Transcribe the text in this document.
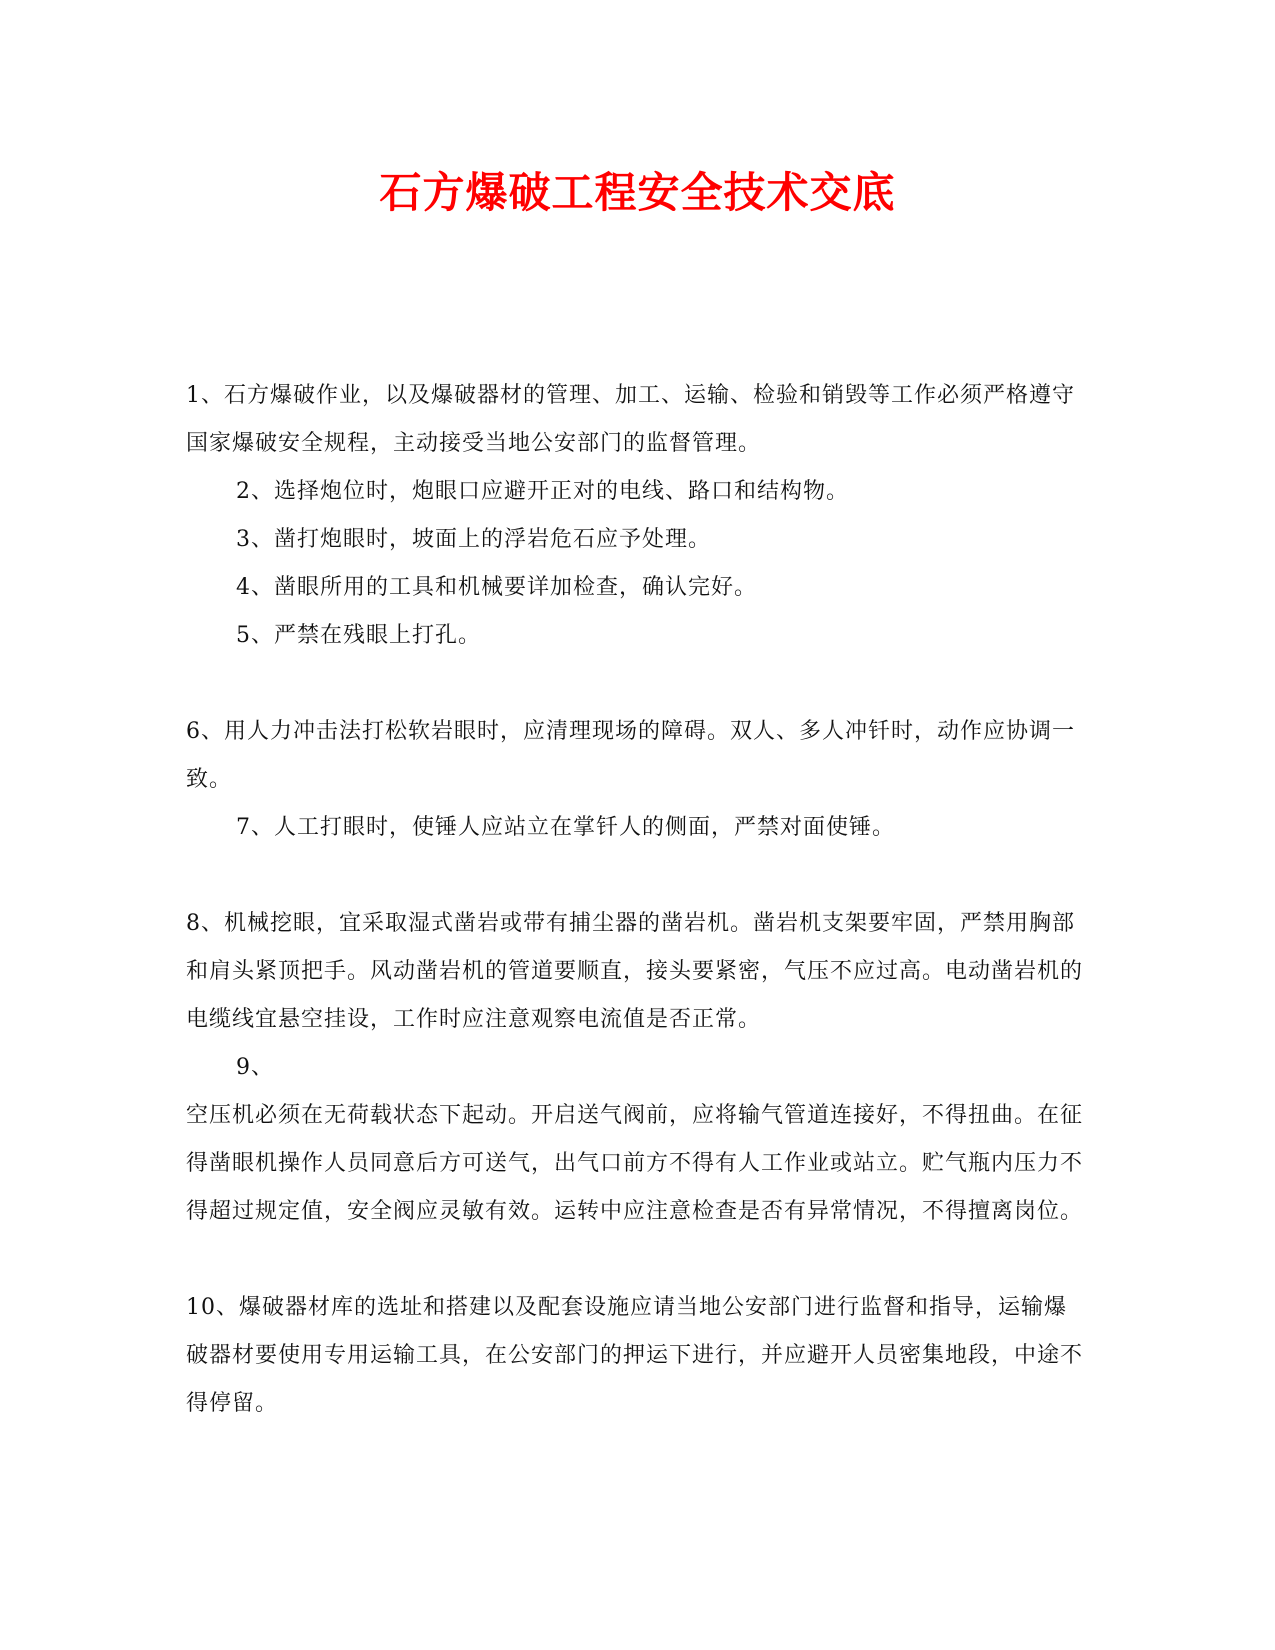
石方爆破工程安全技术交底

1、石方爆破作业，以及爆破器材的管理、加工、运输、检验和销毁等工作必须严格遵守国家爆破安全规程，主动接受当地公安部门的监督管理。

2、选择炮位时，炮眼口应避开正对的电线、路口和结构物。

3、凿打炮眼时，坡面上的浮岩危石应予处理。

4、凿眼所用的工具和机械要详加检查，确认完好。

5、严禁在残眼上打孔。

6、用人力冲击法打松软岩眼时，应清理现场的障碍。双人、多人冲钎时，动作应协调一致。

7、人工打眼时，使锤人应站立在掌钎人的侧面，严禁对面使锤。

8、机械挖眼，宜采取湿式凿岩或带有捕尘器的凿岩机。凿岩机支架要牢固，严禁用胸部和肩头紧顶把手。风动凿岩机的管道要顺直，接头要紧密，气压不应过高。电动凿岩机的电缆线宜悬空挂设，工作时应注意观察电流值是否正常。

9、

空压机必须在无荷载状态下起动。开启送气阀前，应将输气管道连接好，不得扭曲。在征得凿眼机操作人员同意后方可送气，出气口前方不得有人工作业或站立。贮气瓶内压力不得超过规定值，安全阀应灵敏有效。运转中应注意检查是否有异常情况，不得擅离岗位。

10、爆破器材库的选址和搭建以及配套设施应请当地公安部门进行监督和指导，运输爆破器材要使用专用运输工具，在公安部门的押运下进行，并应避开人员密集地段，中途不得停留。
